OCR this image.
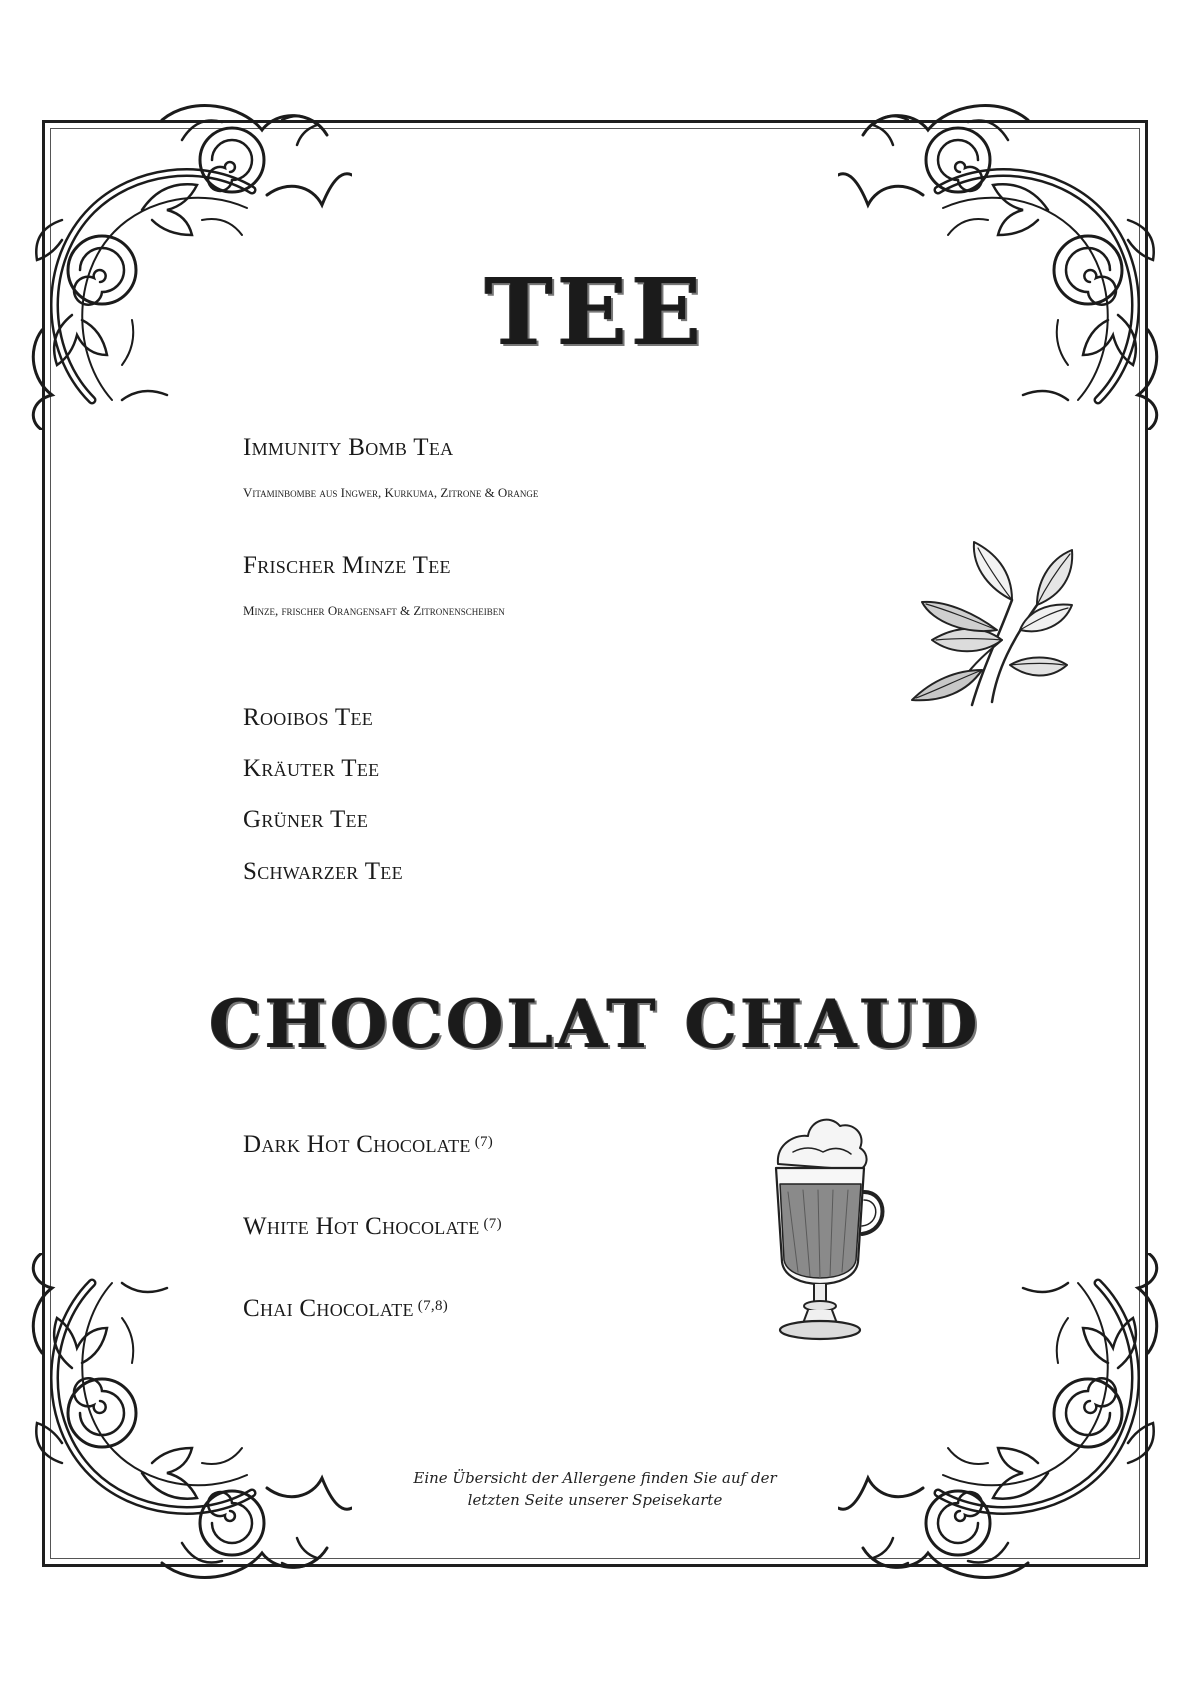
TEE
Immunity Bomb Tea
Vitaminbombe aus Ingwer, Kurkuma, Zitrone & Orange
Frischer Minze Tee
Minze, frischer Orangensaft & Zitronenscheiben
Rooibos Tee
Kräuter Tee
Grüner Tee
Schwarzer Tee
CHOCOLAT CHAUD
Dark Hot Chocolate $^{(7)}$
White Hot Chocolate $^{(7)}$
Chai Chocolate $^{(7,8)}$
Eine Übersicht der Allergene finden Sie auf der
letzten Seite unserer Speisekarte
